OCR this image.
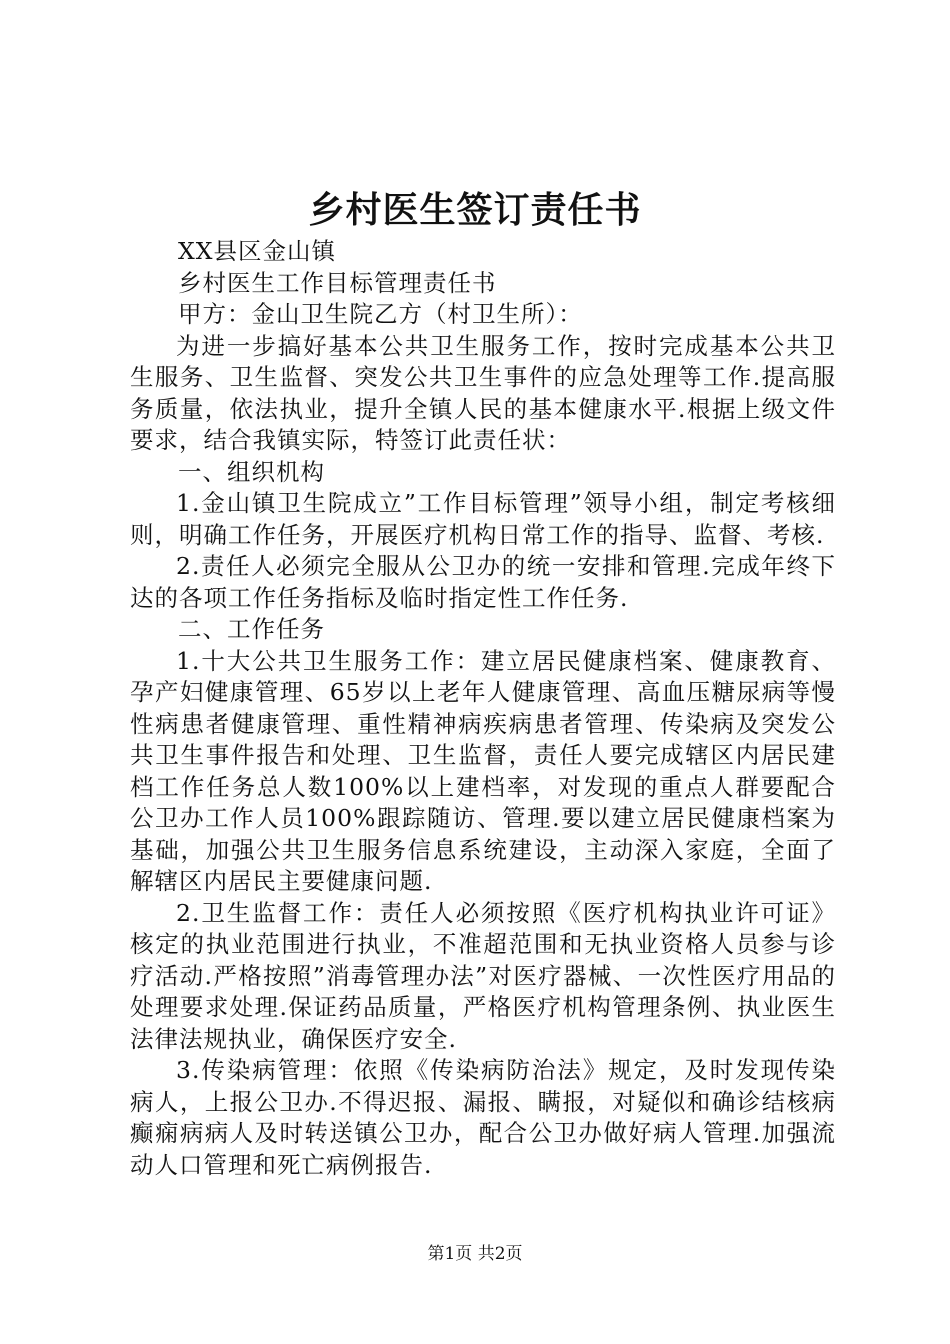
乡村医生签订责任书

XX县区金山镇

乡村医生工作目标管理责任书

甲方：金山卫生院乙方（村卫生所）：

为进一步搞好基本公共卫生服务工作，按时完成基本公共卫生服务、卫生监督、突发公共卫生事件的应急处理等工作.提高服务质量，依法执业，提升全镇人民的基本健康水平.根据上级文件要求，结合我镇实际，特签订此责任状：

一、组织机构

1.金山镇卫生院成立”工作目标管理”领导小组，制定考核细则，明确工作任务，开展医疗机构日常工作的指导、监督、考核.

2.责任人必须完全服从公卫办的统一安排和管理.完成年终下达的各项工作任务指标及临时指定性工作任务.

二、工作任务

1.十大公共卫生服务工作：建立居民健康档案、健康教育、孕产妇健康管理、65岁以上老年人健康管理、高血压糖尿病等慢性病患者健康管理、重性精神病疾病患者管理、传染病及突发公共卫生事件报告和处理、卫生监督，责任人要完成辖区内居民建档工作任务总人数100%以上建档率，对发现的重点人群要配合公卫办工作人员100%跟踪随访、管理.要以建立居民健康档案为基础，加强公共卫生服务信息系统建设，主动深入家庭，全面了解辖区内居民主要健康问题.

2.卫生监督工作：责任人必须按照《医疗机构执业许可证》核定的执业范围进行执业，不准超范围和无执业资格人员参与诊疗活动.严格按照”消毒管理办法”对医疗器械、一次性医疗用品的处理要求处理.保证药品质量，严格医疗机构管理条例、执业医生法律法规执业，确保医疗安全.

3.传染病管理：依照《传染病防治法》规定，及时发现传染病人，上报公卫办.不得迟报、漏报、瞒报，对疑似和确诊结核病癫痫病病人及时转送镇公卫办，配合公卫办做好病人管理.加强流动人口管理和死亡病例报告.

第1页 共2页
